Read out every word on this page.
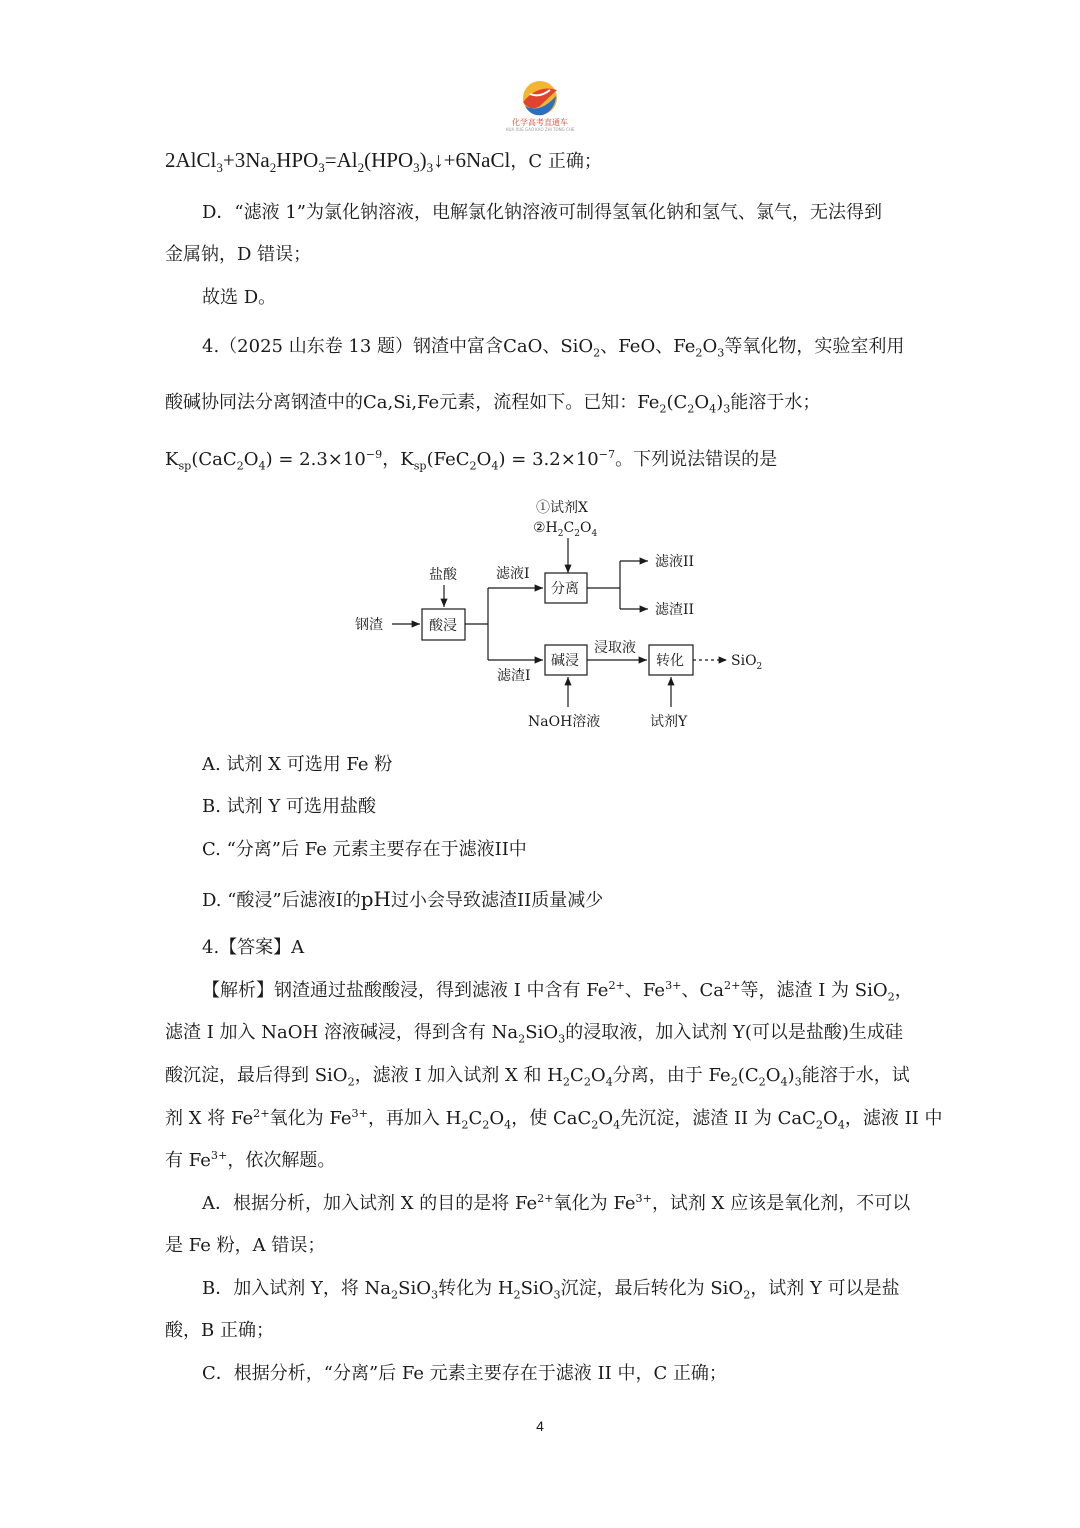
化学高考直通车
HUA XUE GAO KAO ZHI TONG CHE
$2AlCl_3+3Na_2HPO_3=Al_2(HPO_3)_3↓+6NaCl$，C 正确；
D．“滤液 1”为氯化钠溶液，电解氯化钠溶液可制得氢氧化钠和氢气、氯气，无法得到
金属钠，D 错误；
故选 D。
4.（2025 山东卷 13 题）钢渣中富含CaO、SiO$_2$、FeO、$Fe_2O_3$等氧化物，实验室利用
酸碱协同法分离钢渣中的Ca,Si,Fe元素，流程如下。已知：$Fe_2(C_2O_4)_3$能溶于水；
$K_{sp}(CaC_2O_4) = 2.3\times 10^{-9}$，$K_{sp}(FeC_2O_4) = 3.2\times 10^{-7}$。下列说法错误的是
①试剂X
$②H_2C_2O_4$
盐酸
钢渣	酸浸
滤液I
分离
滤液II
滤渣II
滤渣I
碱浸
NaOH溶液
浸取液
转化	SiO$_2$
试剂Y
A. 试剂 X 可选用 Fe 粉
B. 试剂 Y 可选用盐酸
C. “分离”后 Fe 元素主要存在于滤液II中
D. “酸浸”后滤液I的pH过小会导致滤渣II质量减少
4.【答案】A
【解析】钢渣通过盐酸酸浸，得到滤液 I 中含有 $Fe^{2+}$、$Fe^{3+}$、$Ca^{2+}$等，滤渣 I 为 SiO$_2$，
滤渣 I 加入 NaOH 溶液碱浸，得到含有 $Na_2SiO_3$的浸取液，加入试剂 Y(可以是盐酸)生成硅
酸沉淀，最后得到 SiO$_2$，滤液 I 加入试剂 X 和 $H_2C_2O_4$分离，由于 $Fe_2(C_2O_4)_3$能溶于水，试
剂 X 将 $Fe^{2+}$氧化为 $Fe^{3+}$，再加入 $H_2C_2O_4$，使 $CaC_2O_4$先沉淀，滤渣 II 为 $CaC_2O_4$，滤液 II 中
有 $Fe^{3+}$，依次解题。
A．根据分析，加入试剂 X 的目的是将 $Fe^{2+}$氧化为 $Fe^{3+}$，试剂 X 应该是氧化剂，不可以
是 Fe 粉，A 错误；
B．加入试剂 Y，将 $Na_2SiO_3$转化为 $H_2SiO_3$沉淀，最后转化为 SiO$_2$，试剂 Y 可以是盐
酸，B 正确；
C．根据分析，“分离”后 Fe 元素主要存在于滤液 II 中，C 正确；
4
